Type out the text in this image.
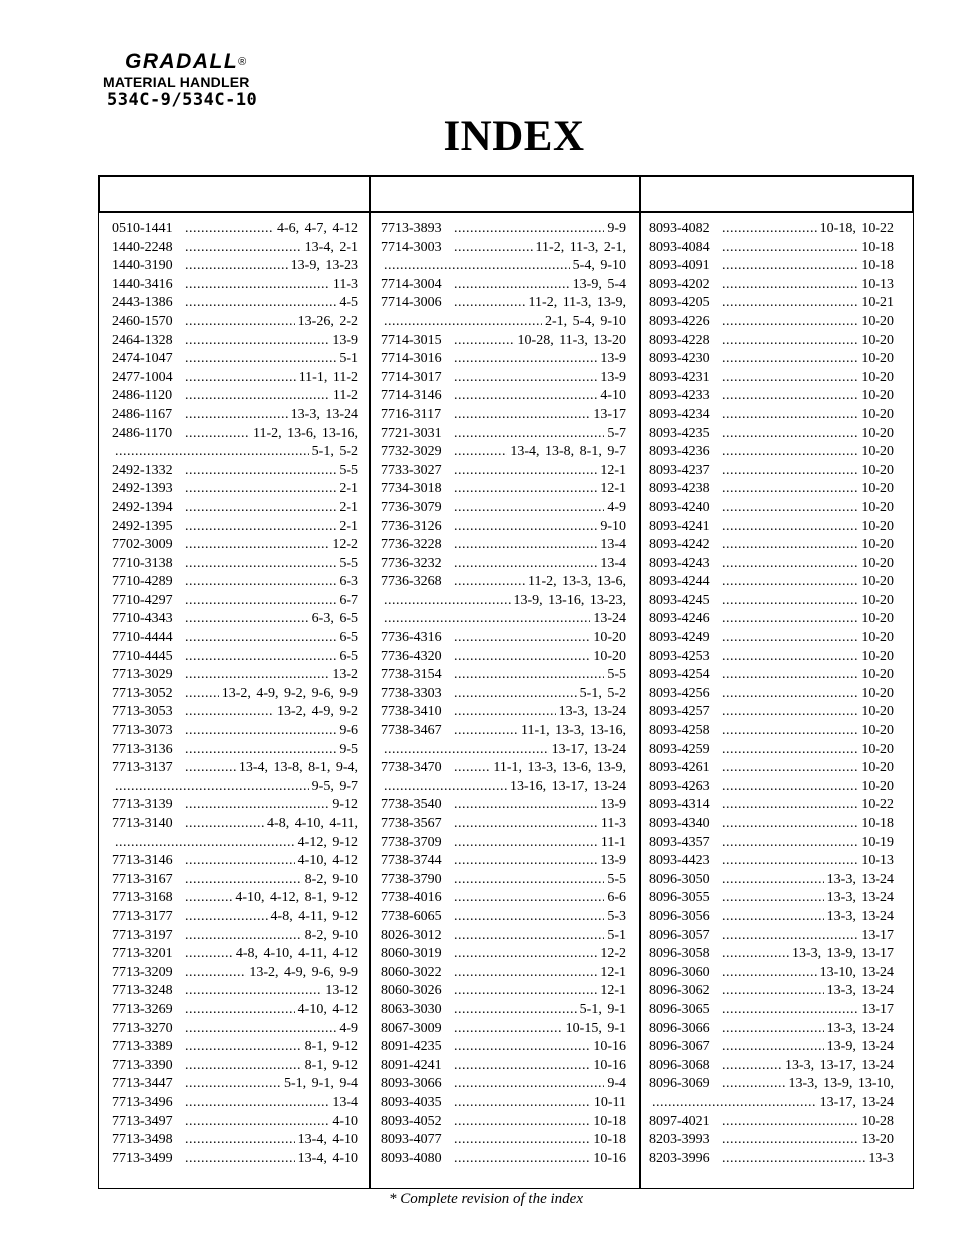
GRADALL®
MATERIAL HANDLER
534C-9/534C-10
INDEX
0510-1441 .....	4-6, 4-7, 4-12
1440-2248 .....	13-4, 2-1
1440-3190 .....	13-9, 13-23
1440-3416 .....	11-3
2443-1386 .....	4-5
2460-1570 .....	13-26, 2-2
2464-1328 .....	13-9
2474-1047 .....	5-1
2477-1004 .....	11-1, 11-2
2486-1120 .....	11-2
2486-1167 .....	13-3, 13-24
2486-1170 .....	11-2, 13-6, 13-16,
.....
5-1, 5-2
2492-1332 .....	5-5
2492-1393 .....	2-1
2492-1394 .....	2-1
2492-1395 .....	2-1
7702-3009 .....	12-2
7710-3138 .....	5-5
7710-4289 .....	6-3
7710-4297 .....	6-7
7710-4343 .....	6-3, 6-5
7710-4444 .....	6-5
7710-4445 .....	6-5
7713-3029 .....	13-2
7713-3052 .....	13-2, 4-9, 9-2, 9-6, 9-9
7713-3053 .....	13-2, 4-9, 9-2
7713-3073 .....	9-6
7713-3136 .....	9-5
7713-3137 .....	13-4, 13-8, 8-1, 9-4,
.....
9-5, 9-7
7713-3139 .....	9-12
7713-3140 .....	4-8, 4-10, 4-11,
.....
4-12, 9-12
7713-3146 .....	4-10, 4-12
7713-3167 .....	8-2, 9-10
7713-3168 .....	4-10, 4-12, 8-1, 9-12
7713-3177 .....	4-8, 4-11, 9-12
7713-3197 .....	8-2, 9-10
7713-3201 .....	4-8, 4-10, 4-11, 4-12
7713-3209 .....	13-2, 4-9, 9-6, 9-9
7713-3248 .....	13-12
7713-3269 .....	4-10, 4-12
7713-3270 .....	4-9
7713-3389 .....	8-1, 9-12
7713-3390 .....	8-1, 9-12
7713-3447 .....	5-1, 9-1, 9-4
7713-3496 .....	13-4
7713-3497 .....	4-10
7713-3498 .....	13-4, 4-10
7713-3499 .....	13-4, 4-10
7713-3893 .....	9-9
7714-3003 .....	11-2, 11-3, 2-1,
.....
5-4, 9-10
7714-3004 .....	13-9, 5-4
7714-3006 .....	11-2, 11-3, 13-9,
.....
2-1, 5-4, 9-10
7714-3015 .....	10-28, 11-3, 13-20
7714-3016 .....	13-9
7714-3017 .....	13-9
7714-3146 .....	4-10
7716-3117 .....	13-17
7721-3031 .....	5-7
7732-3029 .....	13-4, 13-8, 8-1, 9-7
7733-3027 .....	12-1
7734-3018 .....	12-1
7736-3079 .....	4-9
7736-3126 .....	9-10
7736-3228 .....	13-4
7736-3232 .....	13-4
7736-3268 .....	11-2, 13-3, 13-6,
.....
13-9, 13-16, 13-23,
.....
13-24
7736-4316 .....	10-20
7736-4320 .....	10-20
7738-3154 .....	5-5
7738-3303 .....	5-1, 5-2
7738-3410 .....	13-3, 13-24
7738-3467 .....	11-1, 13-3, 13-16,
.....
13-17, 13-24
7738-3470 .....	11-1, 13-3, 13-6, 13-9,
.....
13-16, 13-17, 13-24
7738-3540 .....	13-9
7738-3567 .....	11-3
7738-3709 .....	11-1
7738-3744 .....	13-9
7738-3790 .....	5-5
7738-4016 .....	6-6
7738-6065 .....	5-3
8026-3012 .....	5-1
8060-3019 .....	12-2
8060-3022 .....	12-1
8060-3026 .....	12-1
8063-3030 .....	5-1, 9-1
8067-3009 .....	10-15, 9-1
8091-4235 .....	10-16
8091-4241 .....	10-16
8093-3066 .....	9-4
8093-4035 .....	10-11
8093-4052 .....	10-18
8093-4077 .....	10-18
8093-4080 .....	10-16
8093-4082 .....	10-18, 10-22
8093-4084 .....	10-18
8093-4091 .....	10-18
8093-4202 .....	10-13
8093-4205 .....	10-21
8093-4226 .....	10-20
8093-4228 .....	10-20
8093-4230 .....	10-20
8093-4231 .....	10-20
8093-4233 .....	10-20
8093-4234 .....	10-20
8093-4235 .....	10-20
8093-4236 .....	10-20
8093-4237 .....	10-20
8093-4238 .....	10-20
8093-4240 .....	10-20
8093-4241 .....	10-20
8093-4242 .....	10-20
8093-4243 .....	10-20
8093-4244 .....	10-20
8093-4245 .....	10-20
8093-4246 .....	10-20
8093-4249 .....	10-20
8093-4253 .....	10-20
8093-4254 .....	10-20
8093-4256 .....	10-20
8093-4257 .....	10-20
8093-4258 .....	10-20
8093-4259 .....	10-20
8093-4261 .....	10-20
8093-4263 .....	10-20
8093-4314 .....	10-22
8093-4340 .....	10-18
8093-4357 .....	10-19
8093-4423 .....	10-13
8096-3050 .....	13-3, 13-24
8096-3055 .....	13-3, 13-24
8096-3056 .....	13-3, 13-24
8096-3057 .....	13-17
8096-3058 .....	13-3, 13-9, 13-17
8096-3060 .....	13-10, 13-24
8096-3062 .....	13-3, 13-24
8096-3065 .....	13-17
8096-3066 .....	13-3, 13-24
8096-3067 .....	13-9, 13-24
8096-3068 .....	13-3, 13-17, 13-24
8096-3069 .....	13-3, 13-9, 13-10,
.....
13-17, 13-24
8097-4021 .....	10-28
8203-3993 .....	13-20
8203-3996 .....	13-3
* Complete revision of the index
